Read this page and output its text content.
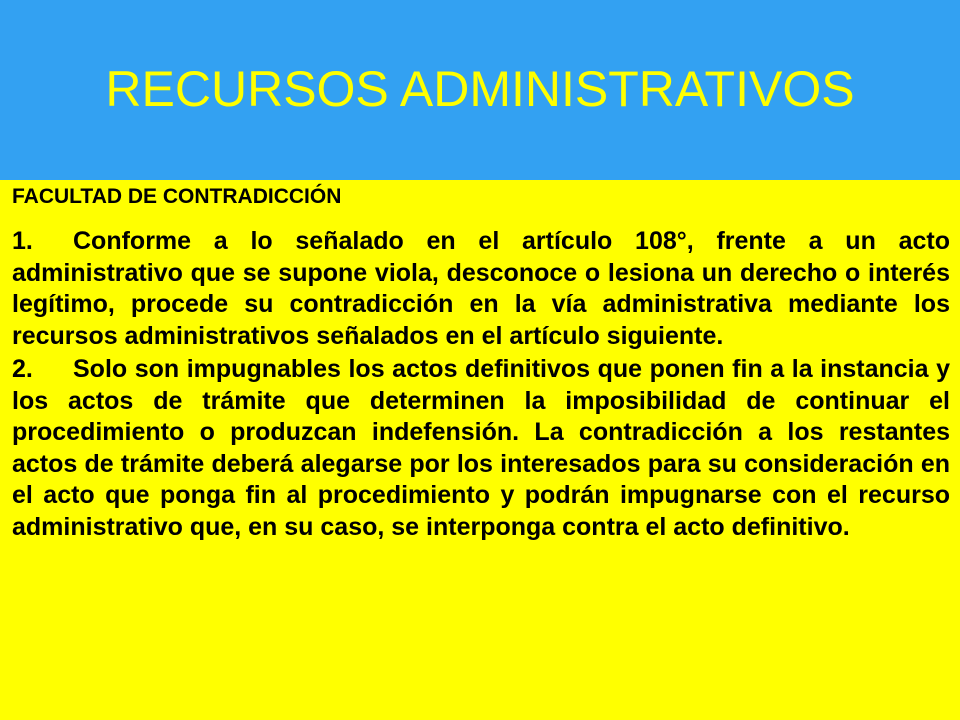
RECURSOS ADMINISTRATIVOS

FACULTAD DE CONTRADICCIÓN

1. Conforme a lo señalado en el artículo 108°, frente a un acto administrativo que se supone viola, desconoce o lesiona un derecho o interés legítimo, procede su contradicción en la vía administrativa mediante los recursos administrativos señalados en el artículo siguiente.

2. Solo son impugnables los actos definitivos que ponen fin a la instancia y los actos de trámite que determinen la imposibilidad de continuar el procedimiento o produzcan indefensión. La contradicción a los restantes actos de trámite deberá alegarse por los interesados para su consideración en el acto que ponga fin al procedimiento y podrán impugnarse con el recurso administrativo que, en su caso, se interponga contra el acto definitivo.
